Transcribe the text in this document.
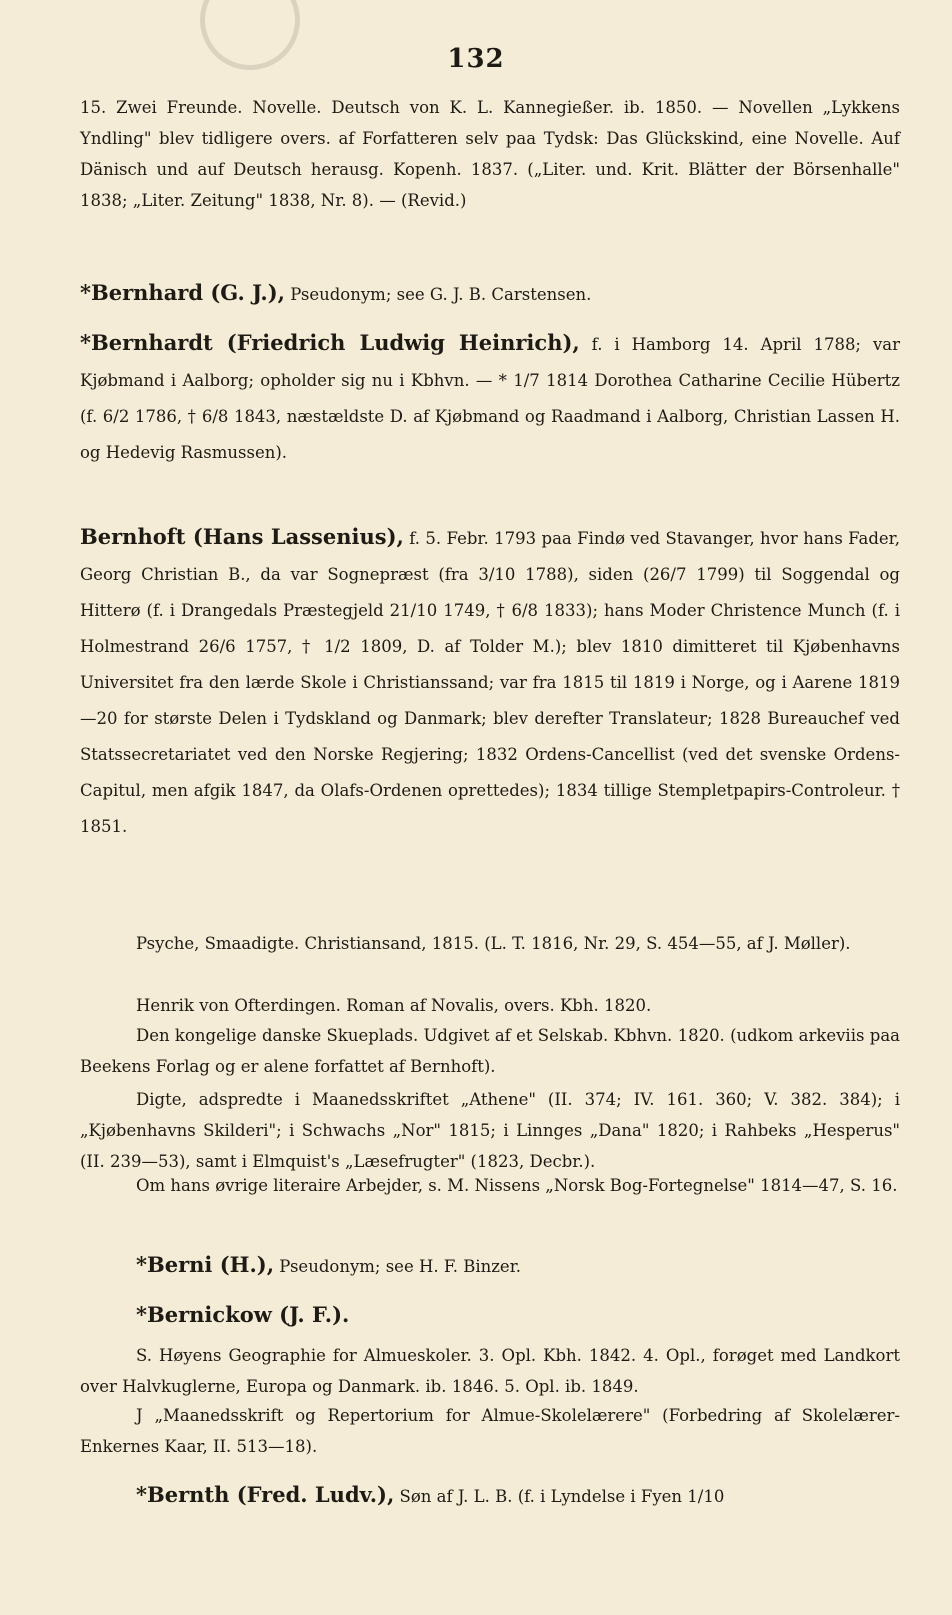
132
15. Zwei Freunde. Novelle. Deutsch von K. L. Kannegießer. ib. 1850. — Novellen „Lykkens Yndling" blev tidligere overs. af Forfatteren selv paa Tydsk: Das Glückskind, eine Novelle. Auf Dänisch und auf Deutsch herausg. Kopenh. 1837. („Liter. und. Krit. Blätter der Börsenhalle" 1838; „Liter. Zeitung" 1838, Nr. 8). — (Revid.)
*Bernhard (G. J.), Pseudonym; see G. J. B. Carstensen.
*Bernhardt (Friedrich Ludwig Heinrich), f. i Hamborg 14. April 1788; var Kjøbmand i Aalborg; opholder sig nu i Kbhvn. — * 1/7 1814 Dorothea Catharine Cecilie Hübertz (f. 6/2 1786, † 6/8 1843, næstældste D. af Kjøbmand og Raadmand i Aalborg, Christian Lassen H. og Hedevig Rasmussen).
Bernhoft (Hans Lassenius), f. 5. Febr. 1793 paa Findø ved Stavanger, hvor hans Fader, Georg Christian B., da var Sognepræst (fra 3/10 1788), siden (26/7 1799) til Soggendal og Hitterø (f. i Drangedals Præstegjeld 21/10 1749, † 6/8 1833); hans Moder Christence Munch (f. i Holmestrand 26/6 1757, † 1/2 1809, D. af Tolder M.); blev 1810 dimitteret til Kjøbenhavns Universitet fra den lærde Skole i Christianssand; var fra 1815 til 1819 i Norge, og i Aarene 1819—20 for største Delen i Tydskland og Danmark; blev derefter Translateur; 1828 Bureauchef ved Statssecretariatet ved den Norske Regjering; 1832 Ordens-Cancellist (ved det svenske Ordens-Capitul, men afgik 1847, da Olafs-Ordenen oprettedes); 1834 tillige Stempletpapirs-Controleur. † 1851.
Psyche, Smaadigte. Christiansand, 1815. (L. T. 1816, Nr. 29, S. 454—55, af J. Møller).
Henrik von Ofterdingen. Roman af Novalis, overs. Kbh. 1820.
Den kongelige danske Skueplads. Udgivet af et Selskab. Kbhvn. 1820. (udkom arkeviis paa Beekens Forlag og er alene forfattet af Bernhoft).
Digte, adspredte i Maanedsskriftet „Athene" (II. 374; IV. 161. 360; V. 382. 384); i „Kjøbenhavns Skilderi"; i Schwachs „Nor" 1815; i Linnges „Dana" 1820; i Rahbeks „Hesperus" (II. 239—53), samt i Elmquist's „Læsefrugter" (1823, Decbr.).
Om hans øvrige literaire Arbejder, s. M. Nissens „Norsk Bog-Fortegnelse" 1814—47, S. 16.
*Berni (H.), Pseudonym; see H. F. Binzer.
*Bernickow (J. F.).
S. Høyens Geographie for Almueskoler. 3. Opl. Kbh. 1842. 4. Opl., forøget med Landkort over Halvkuglerne, Europa og Danmark. ib. 1846. 5. Opl. ib. 1849.
J „Maanedsskrift og Repertorium for Almue-Skolelærere" (Forbedring af Skolelærer-Enkernes Kaar, II. 513—18).
*Bernth (Fred. Ludv.), Søn af J. L. B. (f. i Lyndelse i Fyen 1/10
